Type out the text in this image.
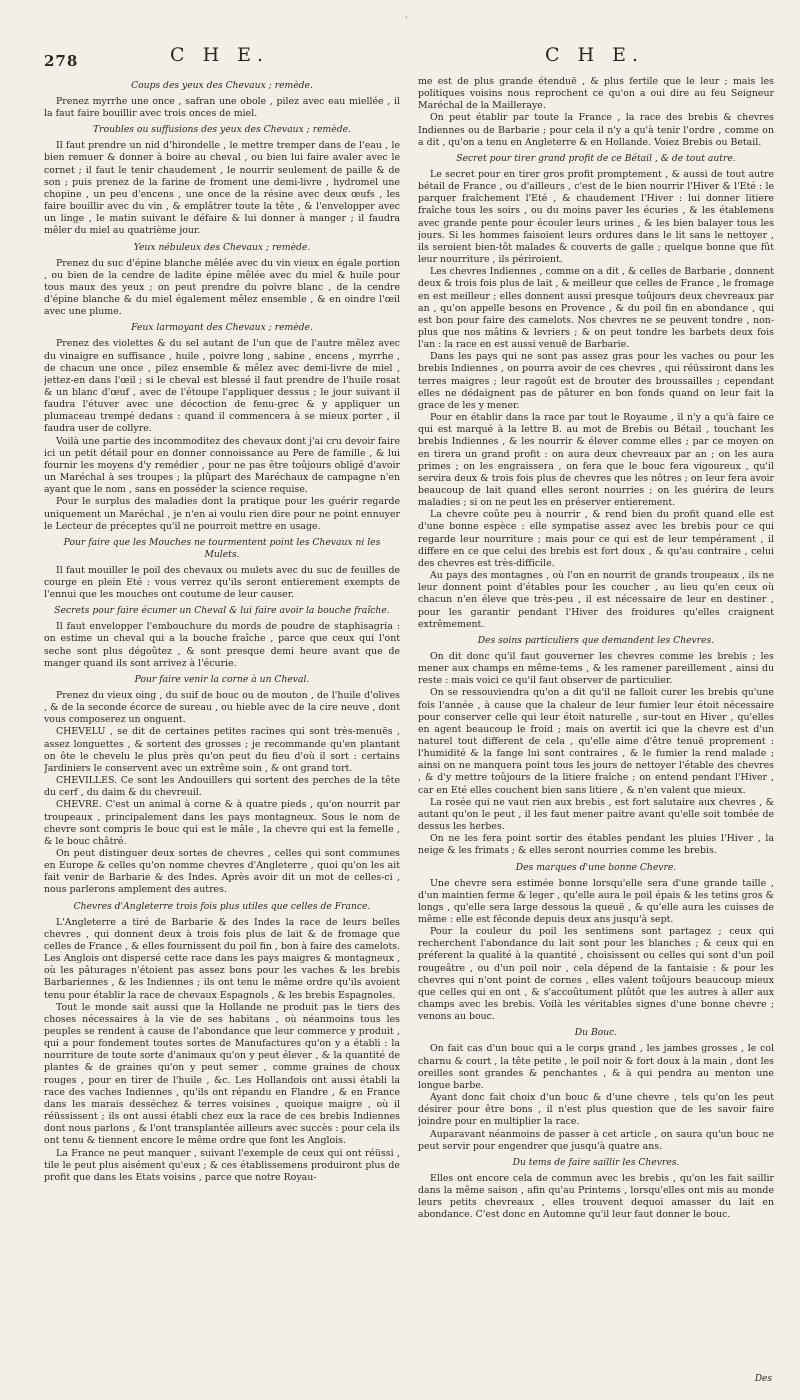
'
278	C H E.	C H E.
Coups des yeux des Chevaux ; remède.
Prenez myrrhe une once , safran une obole , pilez avec eau miellée , il la faut faire bouillir avec trois onces de miel.
Troubles ou suffusions des yeux des Chevaux ; remède.
Il faut prendre un nid d'hirondelle , le mettre tremper dans de l'eau , le bien remuer & donner à boire au cheval , ou bien lui faire avaler avec le cornet ; il faut le tenir chaudement , le nourrir seulement de paille & de son ; puis prenez de la farine de froment une demi-livre , hydromel une chopine , un peu d'encens , une once de la résine avec deux œufs , les faire bouillir avec du vin , & emplâtrer toute la tête , & l'envelopper avec un linge , le matin suivant le défaire & lui donner à manger ; il faudra mêler du miel au quatrième jour.
Yeux nébuleux des Chevaux ; remède.
Prenez du suc d'épine blanche mêlée avec du vin vieux en égale portion , ou bien de la cendre de ladite épine mêlée avec du miel & huile pour tous maux des yeux ; on peut prendre du poivre blanc , de la cendre d'épine blanche & du miel également mêlez ensemble , & en oindre l'œil avec une plume.
Feux larmoyant des Chevaux ; remède.
Prenez des violettes & du sel autant de l'un que de l'autre mêlez avec du vinaigre en suffisance , huile , poivre long , sabine , encens , myrrhe , de chacun une once , pilez ensemble & mêlez avec demi-livre de miel , jettez-en dans l'œil ; si le cheval est blessé il faut prendre de l'huile rosat & un blanc d'œuf , avec de l'étoupe l'appliquer dessus ; le jour suivant il faudra l'étuver avec une décoction de fenu-grec & y appliquer un plumaceau trempé dedans : quand il commencera à se mieux porter , il faudra user de collyre.
Voilà une partie des incommoditez des chevaux dont j'ai cru devoir faire ici un petit détail pour en donner connoissance au Pere de famille , & lui fournir les moyens d'y remédier , pour ne pas être toûjours obligé d'avoir un Maréchal à ses troupes ; la plûpart des Maréchaux de campagne n'en ayant que le nom , sans en posséder la science requise.
Pour le surplus des maladies dont la pratique pour les guérir regarde uniquement un Maréchal , je n'en ai voulu rien dire pour ne point ennuyer le Lecteur de préceptes qu'il ne pourroit mettre en usage.
Pour faire que les Mouches ne tourmentent point les Chevaux ni les Mulets.
Il faut mouiller le poil des chevaux ou mulets avec du suc de feuilles de courge en plein Eté : vous verrez qu'ils seront entierement exempts de l'ennui que les mouches ont coutume de leur causer.
Secrets pour faire écumer un Cheval & lui faire avoir la bouche fraîche.
Il faut envelopper l'embouchure du mords de poudre de staphisagria : on estime un cheval qui a la bouche fraîche , parce que ceux qui l'ont seche sont plus dégoûtez , & sont presque demi heure avant que de manger quand ils sont arrivez à l'écurie.
Pour faire venir la corne à un Cheval.
Prenez du vieux oing , du suif de bouc ou de mouton , de l'huile d'olives , & de la seconde écorce de sureau , ou hieble avec de la cire neuve , dont vous composerez un onguent.
CHEVELU , se dit de certaines petites racines qui sont très-menuës , assez longuettes , & sortent des grosses ; je recommande qu'en plantant on ôte le chevelu le plus près qu'on peut du fieu d'où il sort : certains Jardiniers le conservent avec un extrême soin , & ont grand tort.
CHEVILLES. Ce sont les Andouillers qui sortent des perches de la tête du cerf , du daim & du chevreuil.
CHEVRE. C'est un animal à corne & à quatre pieds , qu'on nourrit par troupeaux , principalement dans les pays montagneux. Sous le nom de chevre sont compris le bouc qui est le mâle , la chevre qui est la femelle , & le bouc châtré.
On peut distinguer deux sortes de chevres , celles qui sont communes en Europe & celles qu'on nomme chevres d'Angleterre , quoi qu'on les ait fait venir de Barbarie & des Indes. Après avoir dit un mot de celles-ci , nous parlerons amplement des autres.
Chevres d'Angleterre trois fois plus utiles que celles de France.
L'Angleterre a tiré de Barbarie & des Indes la race de leurs belles chevres , qui donnent deux à trois fois plus de lait & de fromage que celles de France , & elles fournissent du poil fin , bon à faire des camelots. Les Anglois ont dispersé cette race dans les pays maigres & montagneux , où les pâturages n'étoient pas assez bons pour les vaches & les brebis Barbariennes , & les Indiennes ; ils ont tenu le même ordre qu'ils avoient tenu pour établir la race de chevaux Espagnols , & les brebis Espagnoles.
Tout le monde sait aussi que la Hollande ne produit pas le tiers des choses nécessaires à la vie de ses habitans , où néanmoins tous les peuples se rendent à cause de l'abondance que leur commerce y produit , qui a pour fondement toutes sortes de Manufactures qu'on y a établi : la nourriture de toute sorte d'animaux qu'on y peut élever , & la quantité de plantes & de graines qu'on y peut semer , comme graines de choux rouges , pour en tirer de l'huile , &c. Les Hollandois ont aussi établi la race des vaches Indiennes , qu'ils ont répandu en Flandre , & en France dans les marais desséchez & terres voisines , quoique maigre , où il réüssissent ; ils ont aussi établi chez eux la race de ces brebis Indiennes dont nous parlons , & l'ont transplantée ailleurs avec succès : pour cela ils ont tenu & tiennent encore le même ordre que font les Anglois.
La France ne peut manquer , suivant l'exemple de ceux qui ont réüssi , tile le peut plus aisément qu'eux ; & ces établissemens produiront plus de profit que dans les Etats voisins , parce que notre Royau-
me est de plus grande étenduë , & plus fertile que le leur ; mais les politiques voisins nous reprochent ce qu'on a oui dire au feu Seigneur Maréchal de la Mailleraye.
On peut établir par toute la France , la race des brebis & chevres Indiennes ou de Barbarie ; pour cela il n'y a qu'à tenir l'ordre , comme on a dit , qu'on a tenu en Angleterre & en Hollande. Voiez Brebis ou Betail.
Secret pour tirer grand profit de ce Bétail , & de tout autre.
Le secret pour en tirer gros profit promptement , & aussi de tout autre bétail de France , ou d'ailleurs , c'est de le bien nourrir l'Hiver & l'Eté : le parquer fraîchement l'Eté , & chaudement l'Hiver : lui donner litiere fraîche tous les soirs , ou du moins paver les écuries , & les établemens avec grande pente pour écouler leurs urines , & les bien balayer tous les jours. Si les hommes faisoient leurs ordures dans le lit sans le nettoyer , ils seroient bien-tôt malades & couverts de galle ; quelque bonne que fût leur nourriture , ils périroient.
Les chevres Indiennes , comme on a dit , & celles de Barbarie , donnent deux & trois fois plus de lait , & meilleur que celles de France , le fromage en est meilleur ; elles donnent aussi presque toûjours deux chevreaux par an , qu'on appelle besons en Provence , & du poil fin en abondance , qui est bon pour faire des camelots. Nos chevres ne se peuvent tondre , non-plus que nos mâtins & levriers ; & on peut tondre les barbets deux fois l'an : la race en est aussi venuë de Barbarie.
Dans les pays qui ne sont pas assez gras pour les vaches ou pour les brebis Indiennes , on pourra avoir de ces chevres , qui réüssiront dans les terres maigres ; leur ragoût est de brouter des broussailles ; cependant elles ne dédaignent pas de pâturer en bon fonds quand on leur fait la grace de les y mener.
Pour en établir dans la race par tout le Royaume , il n'y a qu'à faire ce qui est marqué à la lettre B. au mot de Brebis ou Bétail , touchant les brebis Indiennes , & les nourrir & élever comme elles ; par ce moyen on en tirera un grand profit : on aura deux chevreaux par an ; on les aura primes ; on les engraissera , on fera que le bouc fera vigoureux , qu'il servira deux & trois fois plus de chevres que les nôtres ; on leur fera avoir beaucoup de lait quand elles seront nourries ; on les guérira de leurs maladies ; si on ne peut les en préserver entierement.
La chevre coûte peu à nourrir , & rend bien du profit quand elle est d'une bonne espèce : elle sympatise assez avec les brebis pour ce qui regarde leur nourriture ; mais pour ce qui est de leur tempérament , il differe en ce que celui des brebis est fort doux , & qu'au contraire , celui des chevres est très-difficile.
Au pays des montagnes , où l'on en nourrit de grands troupeaux , ils ne leur donnent point d'étables pour les coucher , au lieu qu'en ceux où chacun n'en éleve que très-peu , il est nécessaire de leur en destiner , pour les garantir pendant l'Hiver des froidures qu'elles craignent extrêmement.
Des soins particuliers que demandent les Chevres.
On dit donc qu'il faut gouverner les chevres comme les brebis ; les mener aux champs en même-tems , & les ramener pareillement , ainsi du reste : mais voici ce qu'il faut observer de particulier.
On se ressouviendra qu'on a dit qu'il ne falloit curer les brebis qu'une fois l'année , à cause que la chaleur de leur fumier leur étoit nécessaire pour conserver celle qui leur étoit naturelle , sur-tout en Hiver , qu'elles en agent beaucoup le froid ; mais on avertit ici que la chevre est d'un naturel tout different de cela , qu'elle aime d'être tenuë proprement : l'humidité & la fange lui sont contraires , & le fumier la rend malade ; ainsi on ne manquera point tous les jours de nettoyer l'étable des chevres , & d'y mettre toûjours de la litiere fraîche ; on entend pendant l'Hiver , car en Eté elles couchent bien sans litiere , & n'en valent que mieux.
La rosée qui ne vaut rien aux brebis , est fort salutaire aux chevres , & autant qu'on le peut , il les faut mener paitre avant qu'elle soit tombée de dessus les herbes.
On ne les fera point sortir des étables pendant les pluies l'Hiver , la neige & les frimats ; & elles seront nourries comme les brebis.
Des marques d'une bonne Chevre.
Une chevre sera estimée bonne lorsqu'elle sera d'une grande taille , d'un maintien ferme & leger , qu'elle aura le poil épais & les tetins gros & longs , qu'elle sera large dessous la queuë , & qu'elle aura les cuisses de même : elle est féconde depuis deux ans jusqu'à sept.
Pour la couleur du poil les sentimens sont partagez ; ceux qui recherchent l'abondance du lait sont pour les blanches ; & ceux qui en préferent la qualité à la quantité , choisissent ou celles qui sont d'un poil rougeâtre , ou d'un poil noir , cela dépend de la fantaisie : & pour les chevres qui n'ont point de cornes , elles valent toûjours beaucoup mieux que celles qui en ont , & s'accoûtument plûtôt que les autres à aller aux champs avec les brebis. Voilà les véritables signes d'une bonne chevre ; venons au bouc.
Du Bouc.
On fait cas d'un bouc qui a le corps grand , les jambes grosses , le col charnu & court , la tête petite , le poil noir & fort doux à la main , dont les oreilles sont grandes & penchantes , & à qui pendra au menton une longue barbe.
Ayant donc fait choix d'un bouc & d'une chevre , tels qu'on les peut désirer pour être bons , il n'est plus question que de les savoir faire joindre pour en multiplier la race.
Auparavant néanmoins de passer à cet article , on saura qu'un bouc ne peut servir pour engendrer que jusqu'à quatre ans.
Du tems de faire saillir les Chevres.
Elles ont encore cela de commun avec les brebis , qu'on les fait saillir dans la même saison , afin qu'au Printems , lorsqu'elles ont mis au monde leurs petits chevreaux , elles trouvent dequoi amasser du lait en abondance. C'est donc en Automne qu'il leur faut donner le bouc.
Des
